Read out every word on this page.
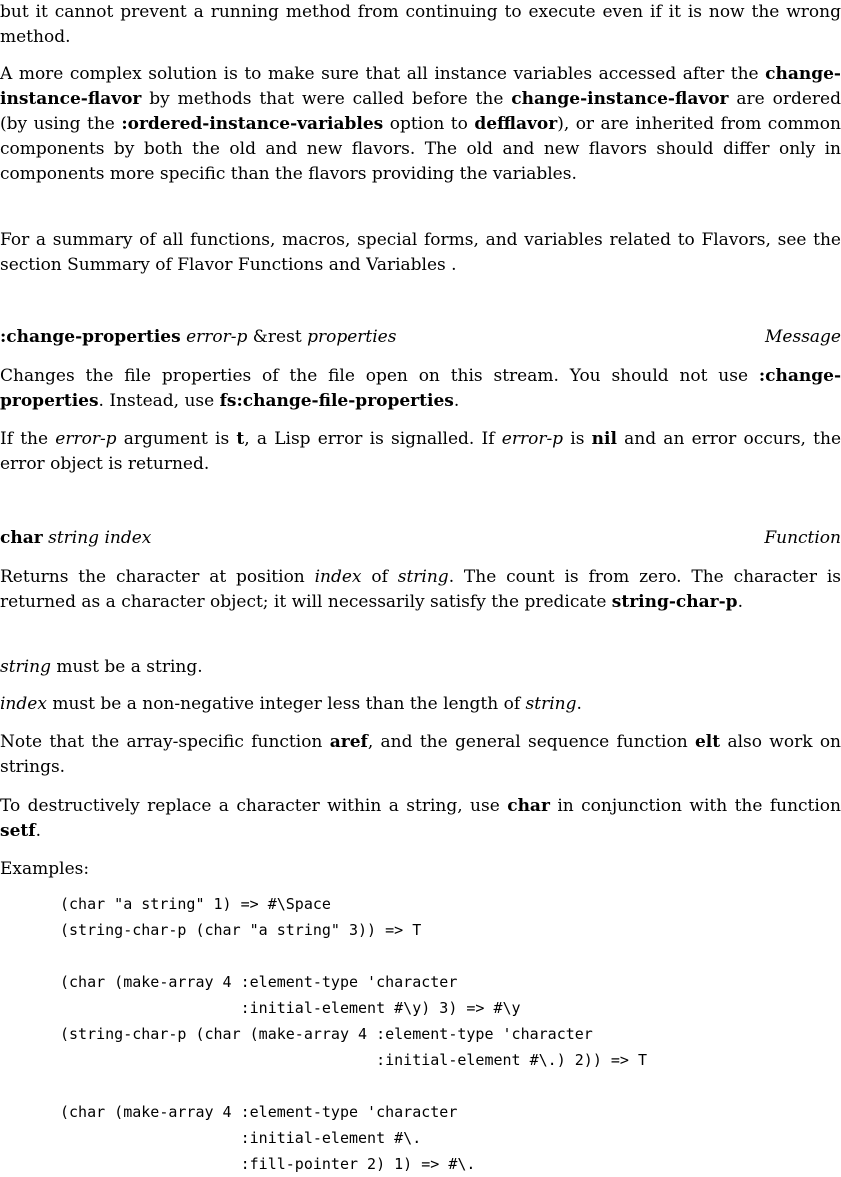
but it cannot prevent a running method from continuing to execute even if it is now the wrong method.

A more complex solution is to make sure that all instance variables accessed after the change-instance-flavor by methods that were called before the change-instance-flavor are ordered (by using the :ordered-instance-variables option to defflavor), or are inherited from common components by both the old and new flavors. The old and new flavors should differ only in components more specific than the flavors providing the variables.

For a summary of all functions, macros, special forms, and variables related to Flavors, see the section Summary of Flavor Functions and Variables .

:change-properties error-p &rest properties	Message

Changes the file properties of the file open on this stream. You should not use :change-properties. Instead, use fs:change-file-properties.

If the error-p argument is t, a Lisp error is signalled. If error-p is nil and an error occurs, the error object is returned.

char string index	Function

Returns the character at position index of string. The count is from zero. The character is returned as a character object; it will necessarily satisfy the predicate string-char-p.

string must be a string.

index must be a non-negative integer less than the length of string.

Note that the array-specific function aref, and the general sequence function elt also work on strings.

To destructively replace a character within a string, use char in conjunction with the function setf.

Examples:

(char "a string" 1) => #\Space
(string-char-p (char "a string" 3)) => T

(char (make-array 4 :element-type 'character
:initial-element #\y) 3) => #\y
(string-char-p (char (make-array 4 :element-type 'character
:initial-element #\.) 2)) => T

(char (make-array 4 :element-type 'character
:initial-element #\.
:fill-pointer 2) 1) => #\.
